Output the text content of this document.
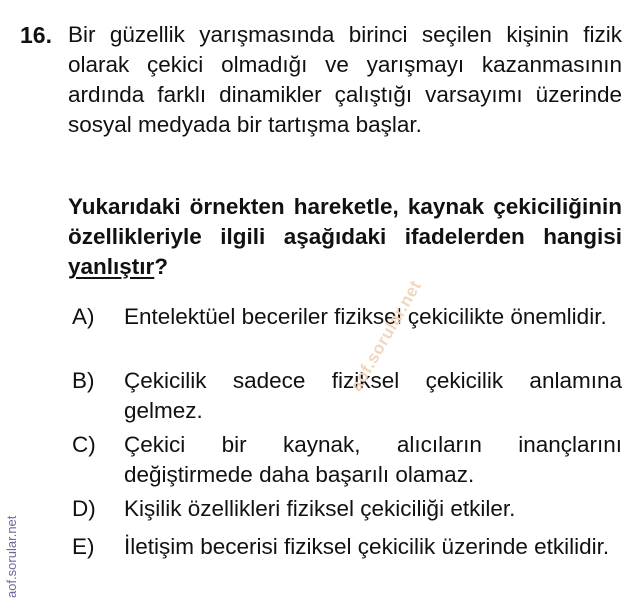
16. Bir güzellik yarışmasında birinci seçilen kişinin fizik olarak çekici olmadığı ve yarışmayı kazanmasının ardında farklı dinamikler çalıştığı varsayımı üzerinde sosyal medyada bir tartışma başlar.
Yukarıdaki örnekten hareketle, kaynak çekiciliğinin özellikleriyle ilgili aşağıdaki ifadelerden hangisi yanlıştır?
A)	Entelektüel beceriler fiziksel çekicilikte önemlidir.
B)	Çekicilik sadece fiziksel çekicilik anlamına gelmez.
C)	Çekici bir kaynak, alıcıların inançlarını değiştirmede daha başarılı olamaz.
D)	Kişilik özellikleri fiziksel çekiciliği etkiler.
E)	İletişim becerisi fiziksel çekicilik üzerinde etkilidir.
aof.sorular.net
aof.sorular.net
